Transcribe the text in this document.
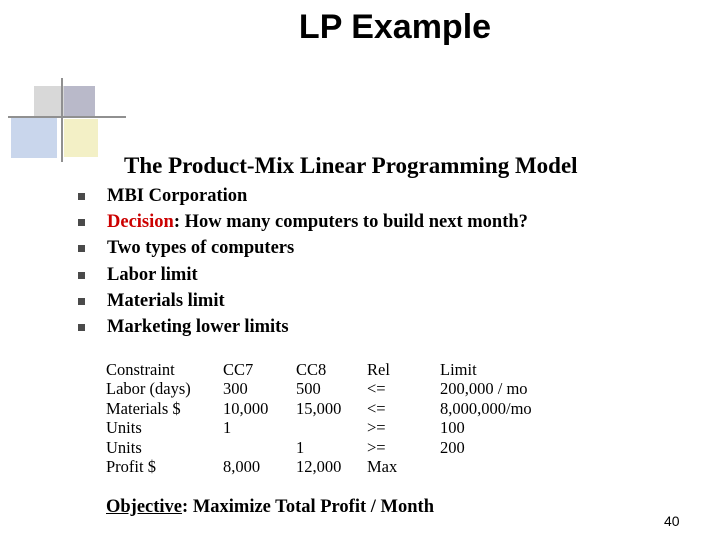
LP Example
The Product-Mix Linear Programming Model
MBI Corporation
Decision : How many computers to build next month?
Two types of computers
Labor limit
Materials limit
Marketing lower limits
Constraint
Labor (days)
Materials $
Units
Units
Profit $
CC7
300
10,000
1
8,000
CC8
500
15,000
1
12,000
Rel
<=
<=
>=
>=
Max
Limit
200,000 / mo
8,000,000/mo
100
200
Objective: Maximize Total Profit / Month
40
